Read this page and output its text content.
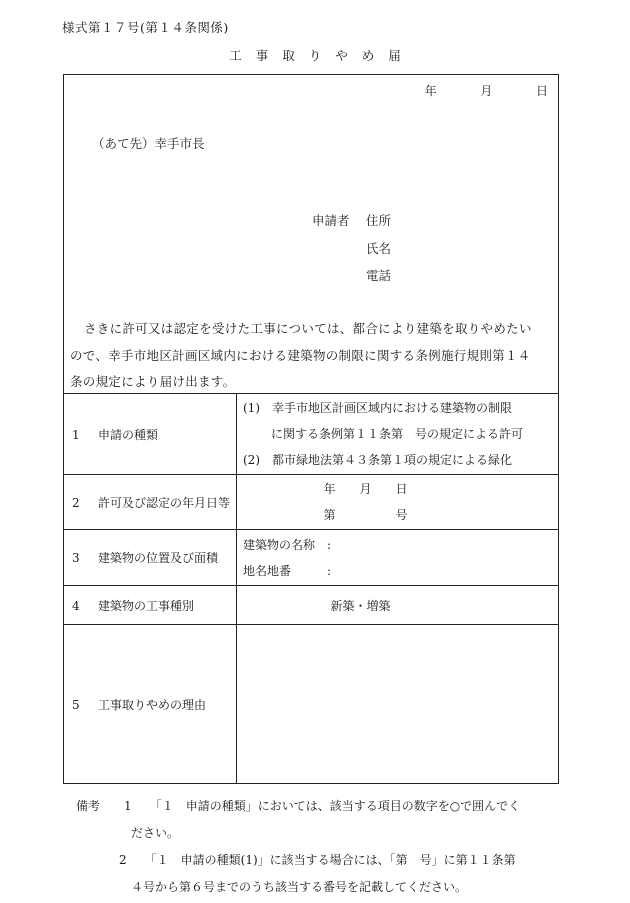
様式第１７号(第１４条関係)
工事取りやめ届
年	月	日
（あて先）幸手市長
申請者 住所
氏名
電話
さきに許可又は認定を受けた工事については、都合により建築を取りやめたい
ので、幸手市地区計画区域内における建築物の制限に関する条例施行規則第１４
条の規定により届け出ます。
1 申請の種類	(1)　幸手市地区計画区域内における建築物の制限
に関する条例第１１条第　号の規定による許可
(2)　都市緑地法第４３条第１項の規定による緑化

2 許可及び認定の年月日等	年　　月　　日
第　　　　　号

3 建築物の位置及び面積	建築物の名称　:
地名地番　　　:

4 建築物の工事種別	新築・増築

5 工事取りやめの理由	
備考　　 1　　 「１　申請の種類」においては、該当する項目の数字を○で囲んでく
ださい。
2　　 「１　申請の種類(1)」に該当する場合には、「第　号」に第１１条第
４号から第６号までのうち該当する番号を記載してください。
